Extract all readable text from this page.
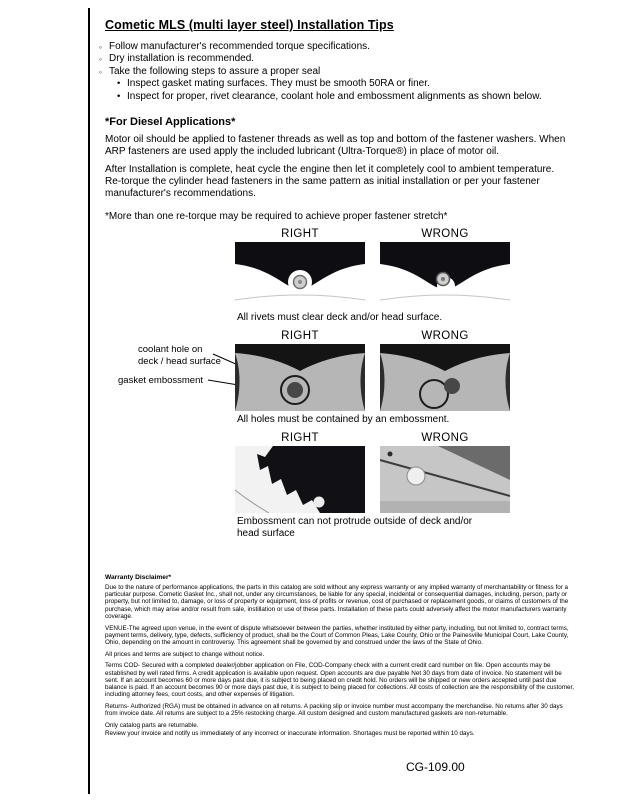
Cometic MLS (multi layer steel) Installation Tips
◦ Follow manufacturer's recommended torque specifications.
◦ Dry installation is recommended.
◦ Take the following steps to assure a proper seal
• Inspect gasket mating surfaces. They must be smooth 50RA or finer.
• Inspect for proper, rivet clearance, coolant hole and embossment alignments as shown below.
*For Diesel Applications*

Motor oil should be applied to fastener threads as well as top and bottom of the fastener washers. When ARP fasteners are used apply the included lubricant (Ultra-Torque®) in place of motor oil.

After Installation is complete, heat cycle the engine then let it completely cool to ambient temperature. Re-torque the cylinder head fasteners in the same pattern as initial installation or per your fastener manufacturer's recommendations.

*More than one re-torque may be required to achieve proper fastener stretch*

RIGHT	WRONG
All rivets must clear deck and/or head surface.
RIGHT	WRONG
coolant hole on
deck / head surface
gasket embossment
All holes must be contained by an embossment.
RIGHT	WRONG
Embossment can not protrude outside of deck and/or head surface
Warranty Disclaimer*

Due to the nature of performance applications, the parts in this catalog are sold without any express warranty or any implied warranty of merchantability or fitness for a particular purpose. Cometic Gasket Inc., shall not, under any circumstances, be liable for any special, incidental or consequential damages, including, person, party or property, but not limited to, damage, or loss of property or equipment, loss of profits or revenue, cost of purchased or replacement goods, or claims of customers of the purchase, which may arise and/or result from sale, instillation or use of these parts. Installation of these parts could adversely affect the motor manufacturers warranty coverage.

VENUE-The agreed upon venue, in the event of dispute whatsoever between the parties, whether instituted by either party, including, but not limited to, contract terms, payment terms, delivery, type, defects, sufficiency of product, shall be the Court of Common Pleas, Lake County, Ohio or the Painesville Municipal Court, Lake County, Ohio, depending on the amount in controversy. This agreement shall be governed by and construed under the laws of the State of Ohio.

All prices and terms are subject to change without notice.

Terms COD- Secured with a completed dealer/jobber application on File, COD-Company check with a current credit card number on file. Open accounts may be established by well rated firms. A credit application is available upon request. Open accounts are due payable Net 30 days from date of invoice. No statement will be sent. If an account becomes 60 or more days past due, it is subject to being placed on credit hold. No orders will be shipped or new orders accepted until past due balance is paid. If an account becomes 90 or more days past due, it is subject to being placed for collections. All costs of collection are the responsibility of the customer, including attorney fees, court costs, and other expenses of litigation.

Returns- Authorized (RGA) must be obtained in advance on all returns. A packing slip or invoice number must accompany the merchandise. No returns after 30 days from invoice date. All returns are subject to a 25% restocking charge. All custom designed and custom manufactured gaskets are non-returnable.

Only catalog parts are returnable.

Review your invoice and notify us immediately of any incorrect or inaccurate information. Shortages must be reported within 10 days.

CG-109.00
